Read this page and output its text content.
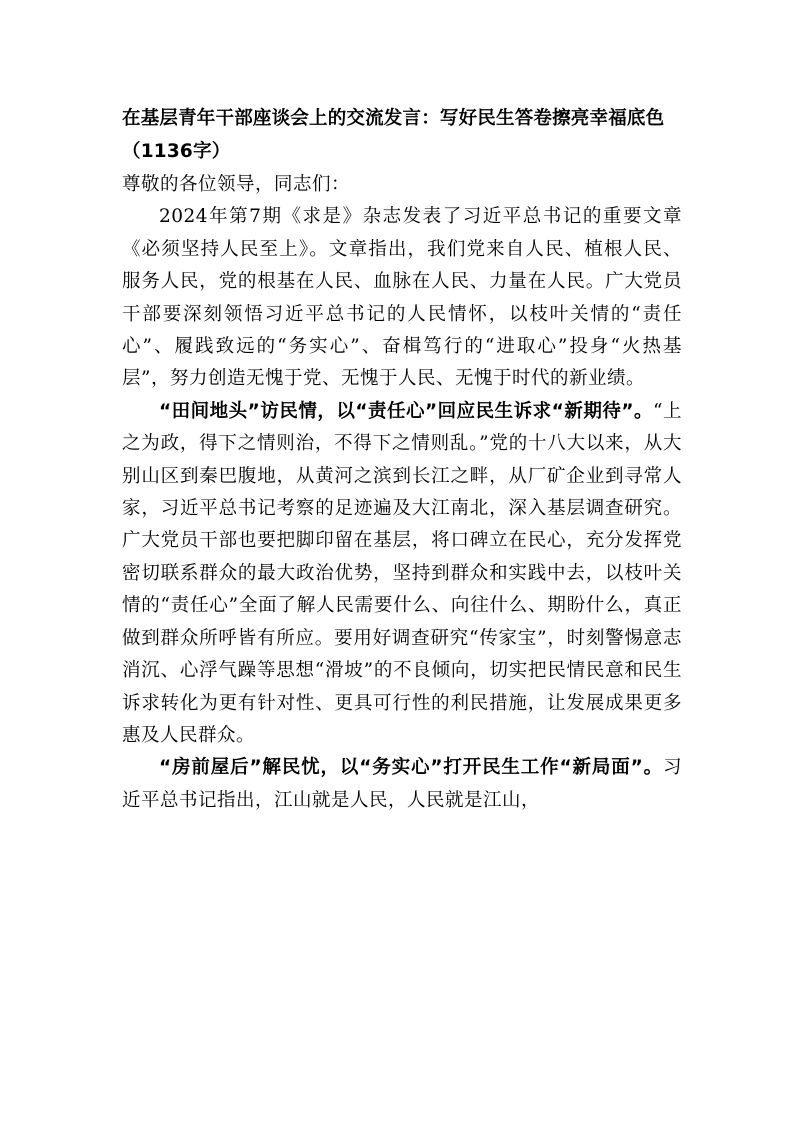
在基层青年干部座谈会上的交流发言：写好民生答卷擦亮幸福底色（1136字）

尊敬的各位领导，同志们：

2024年第7期《求是》杂志发表了习近平总书记的重要文章《必须坚持人民至上》。文章指出，我们党来自人民、植根人民、服务人民，党的根基在人民、血脉在人民、力量在人民。广大党员干部要深刻领悟习近平总书记的人民情怀，以枝叶关情的“责任心”、履践致远的“务实心”、奋楫笃行的“进取心”投身“火热基层”，努力创造无愧于党、无愧于人民、无愧于时代的新业绩。

“田间地头”访民情，以“责任心”回应民生诉求“新期待”。“上之为政，得下之情则治，不得下之情则乱。”党的十八大以来，从大别山区到秦巴腹地，从黄河之滨到长江之畔，从厂矿企业到寻常人家，习近平总书记考察的足迹遍及大江南北，深入基层调查研究。广大党员干部也要把脚印留在基层，将口碑立在民心，充分发挥党密切联系群众的最大政治优势，坚持到群众和实践中去，以枝叶关情的“责任心”全面了解人民需要什么、向往什么、期盼什么，真正做到群众所呼皆有所应。要用好调查研究“传家宝”，时刻警惕意志消沉、心浮气躁等思想“滑坡”的不良倾向，切实把民情民意和民生诉求转化为更有针对性、更具可行性的利民措施，让发展成果更多惠及人民群众。

“房前屋后”解民忧，以“务实心”打开民生工作“新局面”。习近平总书记指出，江山就是人民，人民就是江山，
